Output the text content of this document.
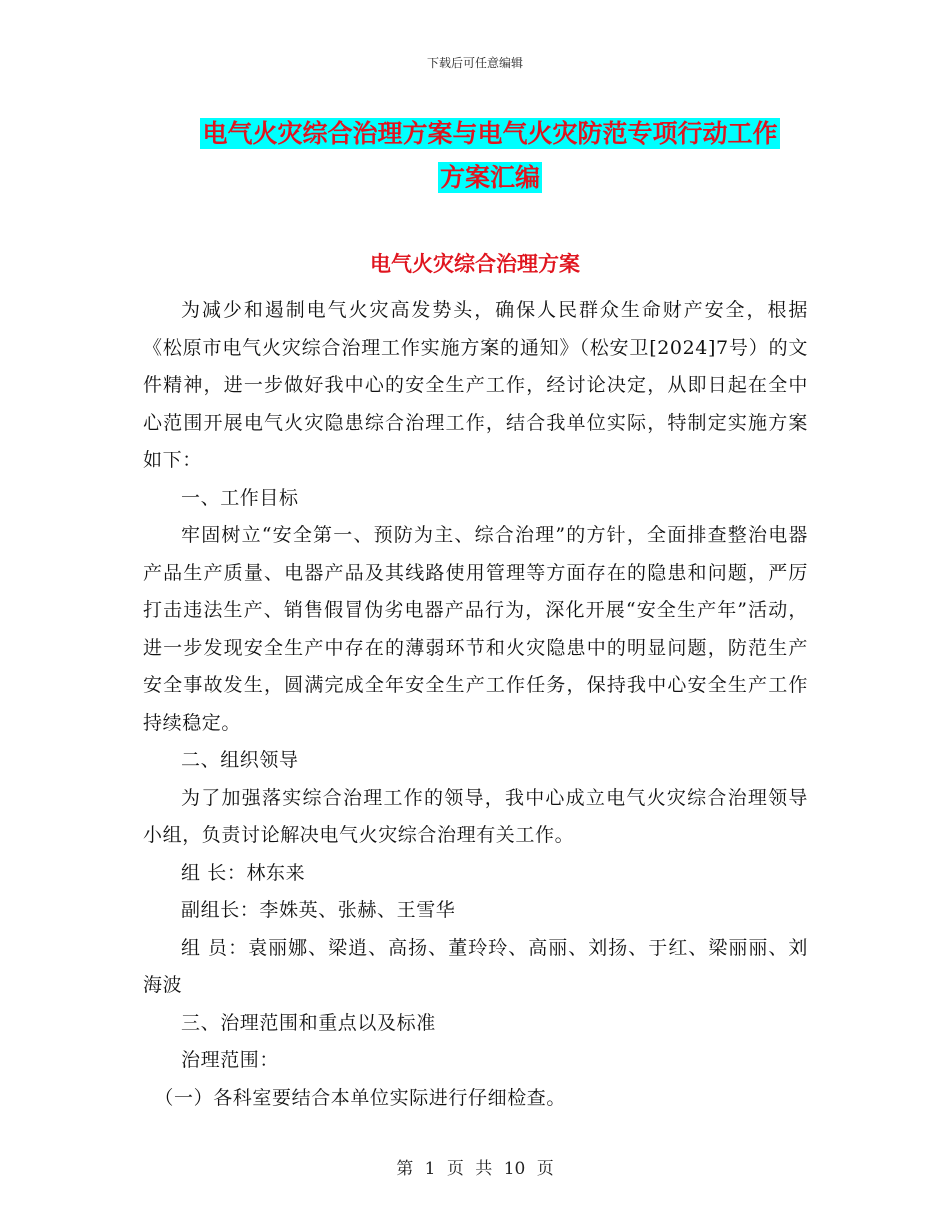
下载后可任意编辑
电气火灾综合治理方案与电气火灾防范专项行动工作
方案汇编
电气火灾综合治理方案

为减少和遏制电气火灾高发势头，确保人民群众生命财产安全，根据《松原市电气火灾综合治理工作实施方案的通知》（松安卫[2024]7号）的文件精神，进一步做好我中心的安全生产工作，经讨论决定，从即日起在全中心范围开展电气火灾隐患综合治理工作，结合我单位实际，特制定实施方案如下：

一、工作目标

牢固树立“安全第一、预防为主、综合治理”的方针，全面排查整治电器产品生产质量、电器产品及其线路使用管理等方面存在的隐患和问题，严厉打击违法生产、销售假冒伪劣电器产品行为，深化开展“安全生产年”活动，进一步发现安全生产中存在的薄弱环节和火灾隐患中的明显问题，防范生产安全事故发生，圆满完成全年安全生产工作任务，保持我中心安全生产工作持续稳定。

二、组织领导

为了加强落实综合治理工作的领导，我中心成立电气火灾综合治理领导小组，负责讨论解决电气火灾综合治理有关工作。

组 长：林东来

副组长：李姝英、张赫、王雪华

组 员：袁丽娜、梁逍、高扬、董玲玲、高丽、刘扬、于红、梁丽丽、刘海波

三、治理范围和重点以及标准

治理范围：

（一）各科室要结合本单位实际进行仔细检查。

第 1 页 共 10 页
